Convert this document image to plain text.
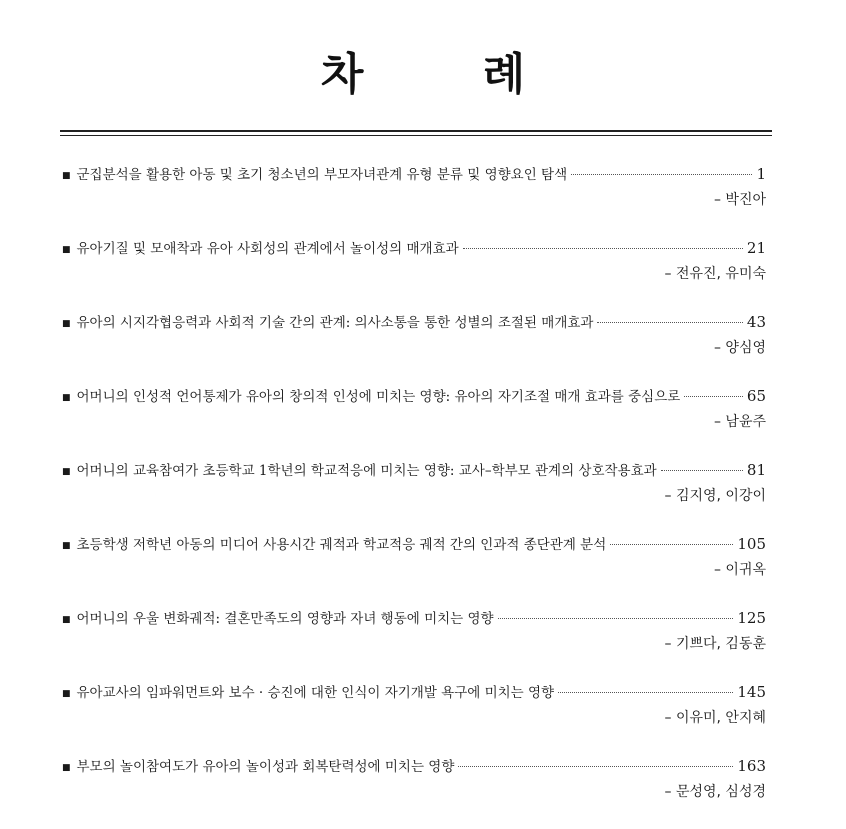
차 례
■ 군집분석을 활용한 아동 및 초기 청소년의 부모자녀관계 유형 분류 및 영향요인 탐색	1
– 박진아
■ 유아기질 및 모애착과 유아 사회성의 관계에서 놀이성의 매개효과	21
– 전유진, 유미숙
■ 유아의 시지각협응력과 사회적 기술 간의 관계: 의사소통을 통한 성별의 조절된 매개효과	43
– 양심영
■ 어머니의 인성적 언어통제가 유아의 창의적 인성에 미치는 영향: 유아의 자기조절 매개 효과를 중심으로	65
– 남윤주
■ 어머니의 교육참여가 초등학교 1학년의 학교적응에 미치는 영향: 교사–학부모 관계의 상호작용효과	81
– 김지영, 이강이
■ 초등학생 저학년 아동의 미디어 사용시간 궤적과 학교적응 궤적 간의 인과적 종단관계 분석	105
– 이귀옥
■ 어머니의 우울 변화궤적: 결혼만족도의 영향과 자녀 행동에 미치는 영향	125
– 기쁘다, 김동훈
■ 유아교사의 임파워먼트와 보수 · 승진에 대한 인식이 자기개발 욕구에 미치는 영향	145
– 이유미, 안지혜
■ 부모의 놀이참여도가 유아의 놀이성과 회복탄력성에 미치는 영향	163
– 문성영, 심성경
